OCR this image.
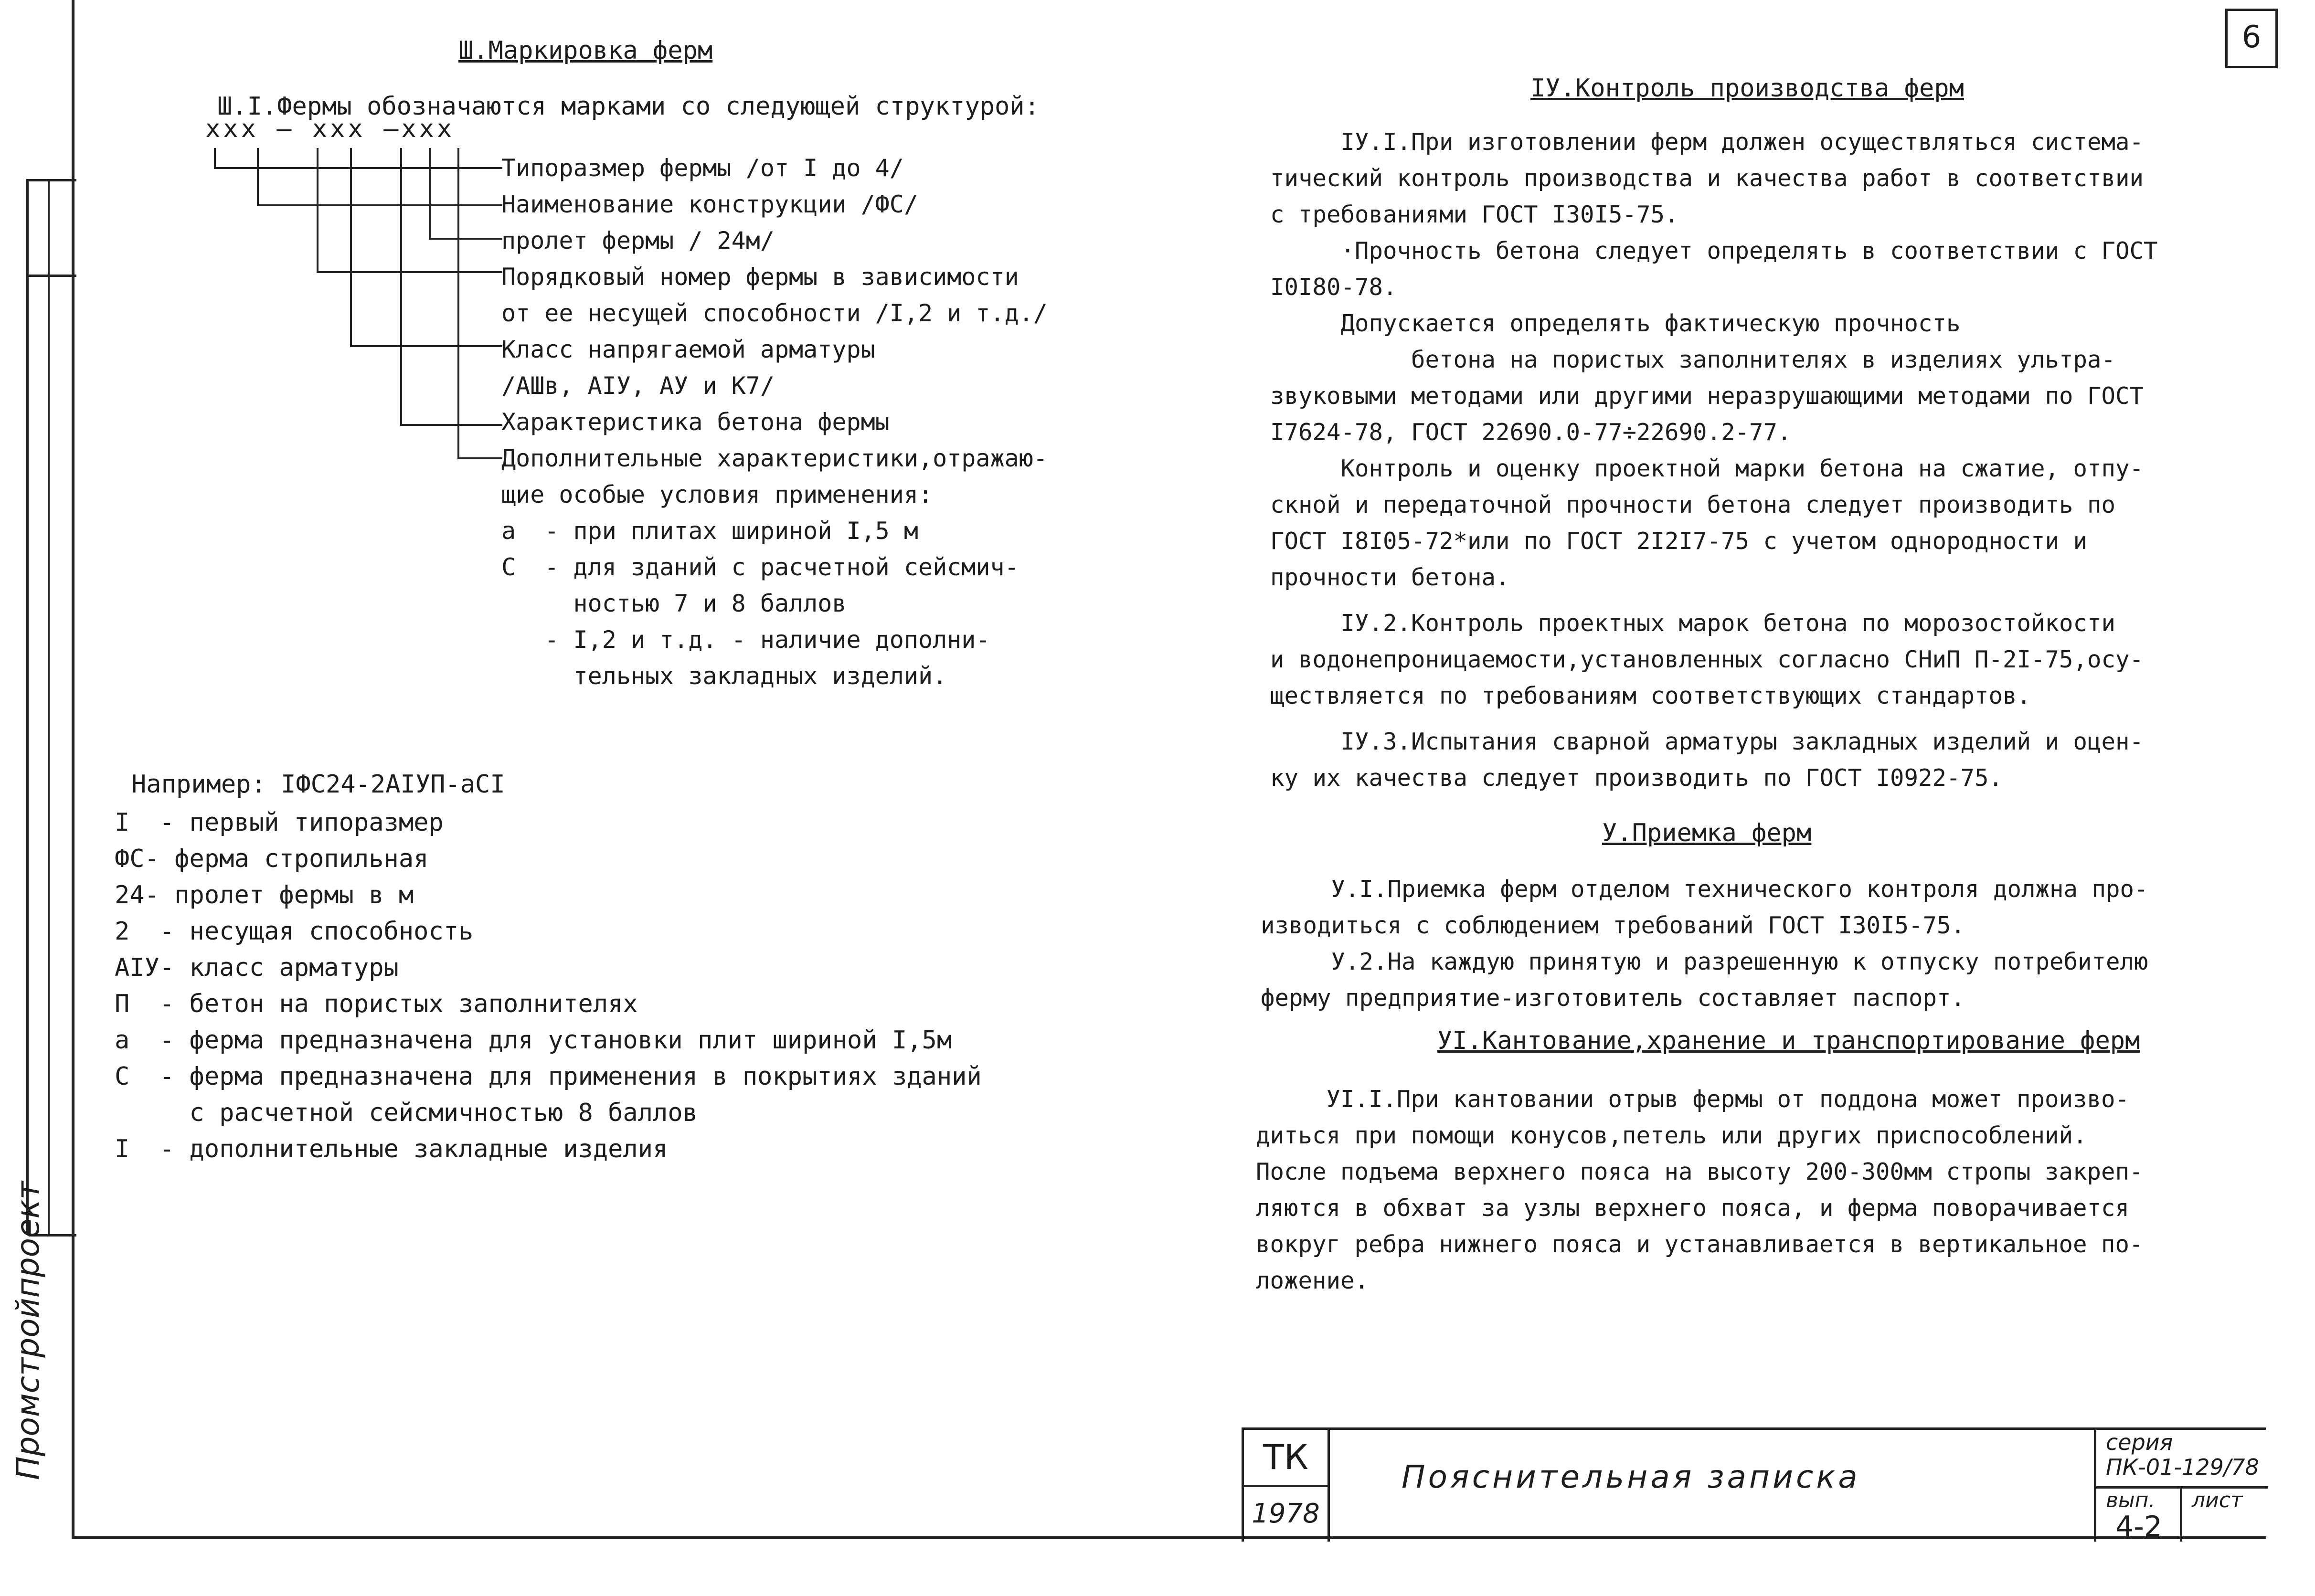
6
Промстройпроект
Ш.Маркировка ферм
Ш.I.Фермы обозначаются марками со следующей структурой:
ххх — ххх —ххх

Типоразмер фермы /от I до 4/

Наименование конструкции /ФС/

пролет фермы / 24м/

Порядковый номер фермы в зависимости

от ее несущей способности /I,2 и т.д./

Класс напрягаемой арматуры

/АШв, АIУ, АУ и К7/

Характеристика бетона фермы

Дополнительные характеристики,отражаю-

щие особые условия применения:

а  - при плитах шириной I,5 м

С  - для зданий с расчетной сейсмич-

ностью 7 и 8 баллов

- I,2 и т.д. - наличие дополни-

тельных закладных изделий.

Например: IФС24-2АIУП-аСI

I  - первый типоразмер

ФС- ферма стропильная

24- пролет фермы в м

2  - несущая способность

АIУ- класс арматуры

П  - бетон на пористых заполнителях

а  - ферма предназначена для установки плит шириной I,5м

С  - ферма предназначена для применения в покрытиях зданий

с расчетной сейсмичностью 8 баллов

I  - дополнительные закладные изделия

IУ.Контроль производства ферм

IУ.I.При изготовлении ферм должен осуществляться система-

тический контроль производства и качества работ в соответствии

с требованиями ГОСТ I30I5-75.

·Прочность бетона следует определять в соответствии с ГОСТ

I0I80-78.

Допускается определять фактическую прочность

бетона на пористых заполнителях в изделиях ультра-

звуковыми методами или другими неразрушающими методами по ГОСТ

I7624-78, ГОСТ 22690.0-77÷22690.2-77.

Контроль и оценку проектной марки бетона на сжатие, отпу-

скной и передаточной прочности бетона следует производить по

ГОСТ I8I05-72*или по ГОСТ 2I2I7-75 с учетом однородности и

прочности бетона.

IУ.2.Контроль проектных марок бетона по морозостойкости

и водонепроницаемости,установленных согласно СНиП П-2I-75,осу-

ществляется по требованиям соответствующих стандартов.

IУ.3.Испытания сварной арматуры закладных изделий и оцен-

ку их качества следует производить по ГОСТ I0922-75.

У.Приемка ферм

У.I.Приемка ферм отделом технического контроля должна про-

изводиться с соблюдением требований ГОСТ I30I5-75.

У.2.На каждую принятую и разрешенную к отпуску потребителю

ферму предприятие-изготовитель составляет паспорт.

УI.Кантование,хранение и транспортирование ферм

УI.I.При кантовании отрыв фермы от поддона может произво-

диться при помощи конусов,петель или других приспособлений.

После подъема верхнего пояса на высоту 200-300мм стропы закреп-

ляются в обхват за узлы верхнего пояса, и ферма поворачивается

вокруг ребра нижнего пояса и устанавливается в вертикальное по-

ложение.

ТК
1978
Пояснительная записка
серия
ПК-01-129/78
вып. лист
4-2
